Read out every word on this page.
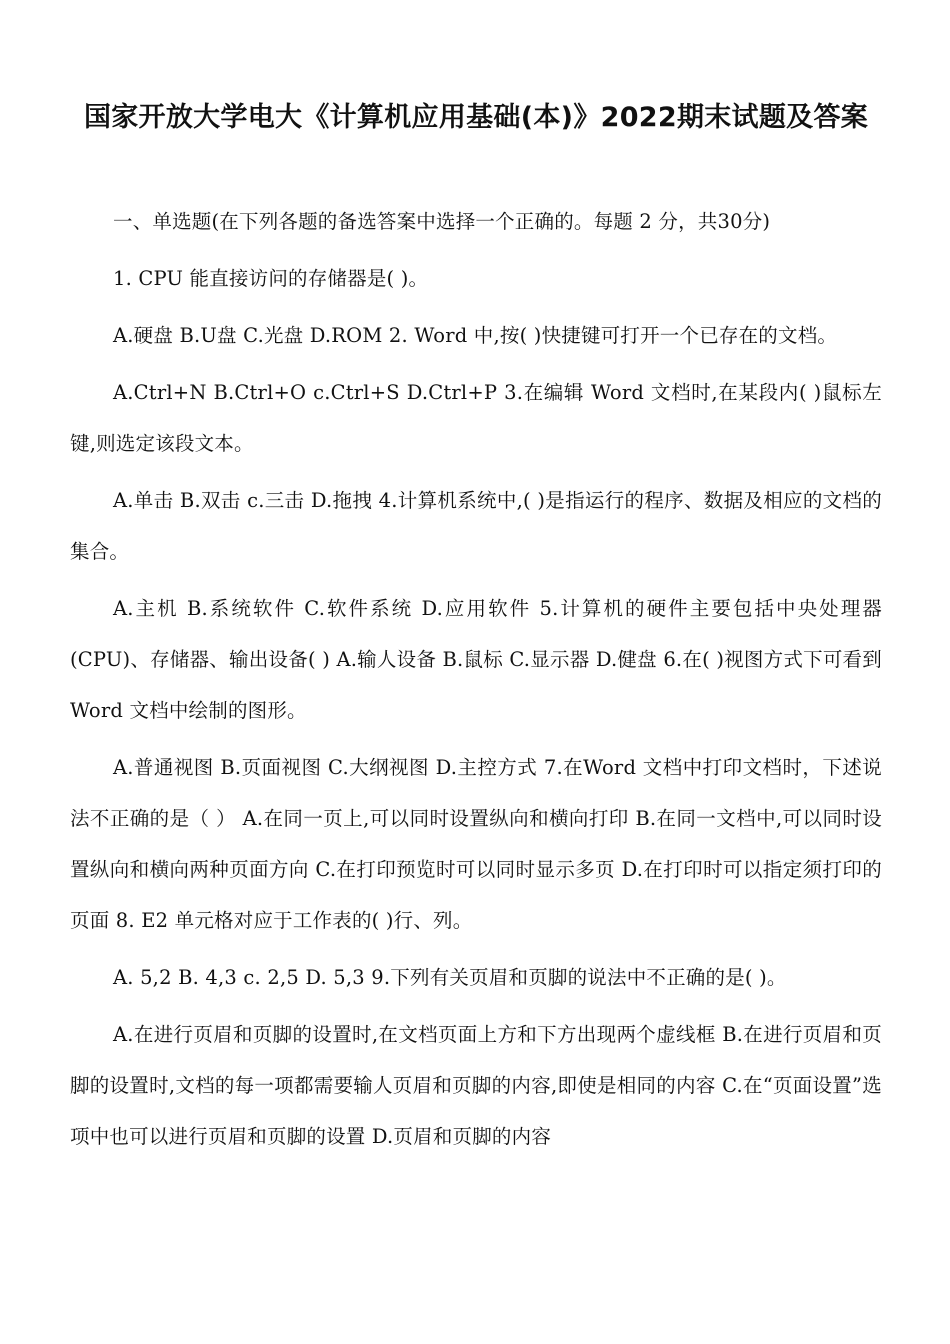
国家开放大学电大《计算机应用基础(本)》2022期末试题及答案

一、单选题(在下列各题的备选答案中选择一个正确的。每题 2 分，共30分)

1. CPU 能直接访问的存储器是( )。

A.硬盘 B.U盘 C.光盘 D.ROM 2. Word 中,按( )快捷键可打开一个已存在的文档。

A.Ctrl+N B.Ctrl+O c.Ctrl+S D.Ctrl+P 3.在编辑 Word 文档时,在某段内( )鼠标左键,则选定该段文本。

A.单击 B.双击 c.三击 D.拖拽 4.计算机系统中,( )是指运行的程序、数据及相应的文档的集合。

A.主机 B.系统软件 C.软件系统 D.应用软件 5.计算机的硬件主要包括中央处理器(CPU)、存储器、输出设备( ) A.输人设备 B.鼠标 C.显示器 D.健盘 6.在( )视图方式下可看到 Word 文档中绘制的图形。

A.普通视图 B.页面视图 C.大纲视图 D.主控方式 7.在Word 文档中打印文档时，下述说法不正确的是（ ） A.在同一页上,可以同时设置纵向和横向打印 B.在同一文档中,可以同时设置纵向和横向两种页面方向 C.在打印预览时可以同时显示多页 D.在打印时可以指定须打印的页面 8. E2 单元格对应于工作表的( )行、列。

A. 5,2 B. 4,3 c. 2,5 D. 5,3 9.下列有关页眉和页脚的说法中不正确的是( )。

A.在进行页眉和页脚的设置时,在文档页面上方和下方出现两个虚线框 B.在进行页眉和页脚的设置时,文档的每一项都需要输人页眉和页脚的内容,即使是相同的内容 C.在“页面设置”选项中也可以进行页眉和页脚的设置 D.页眉和页脚的内容
